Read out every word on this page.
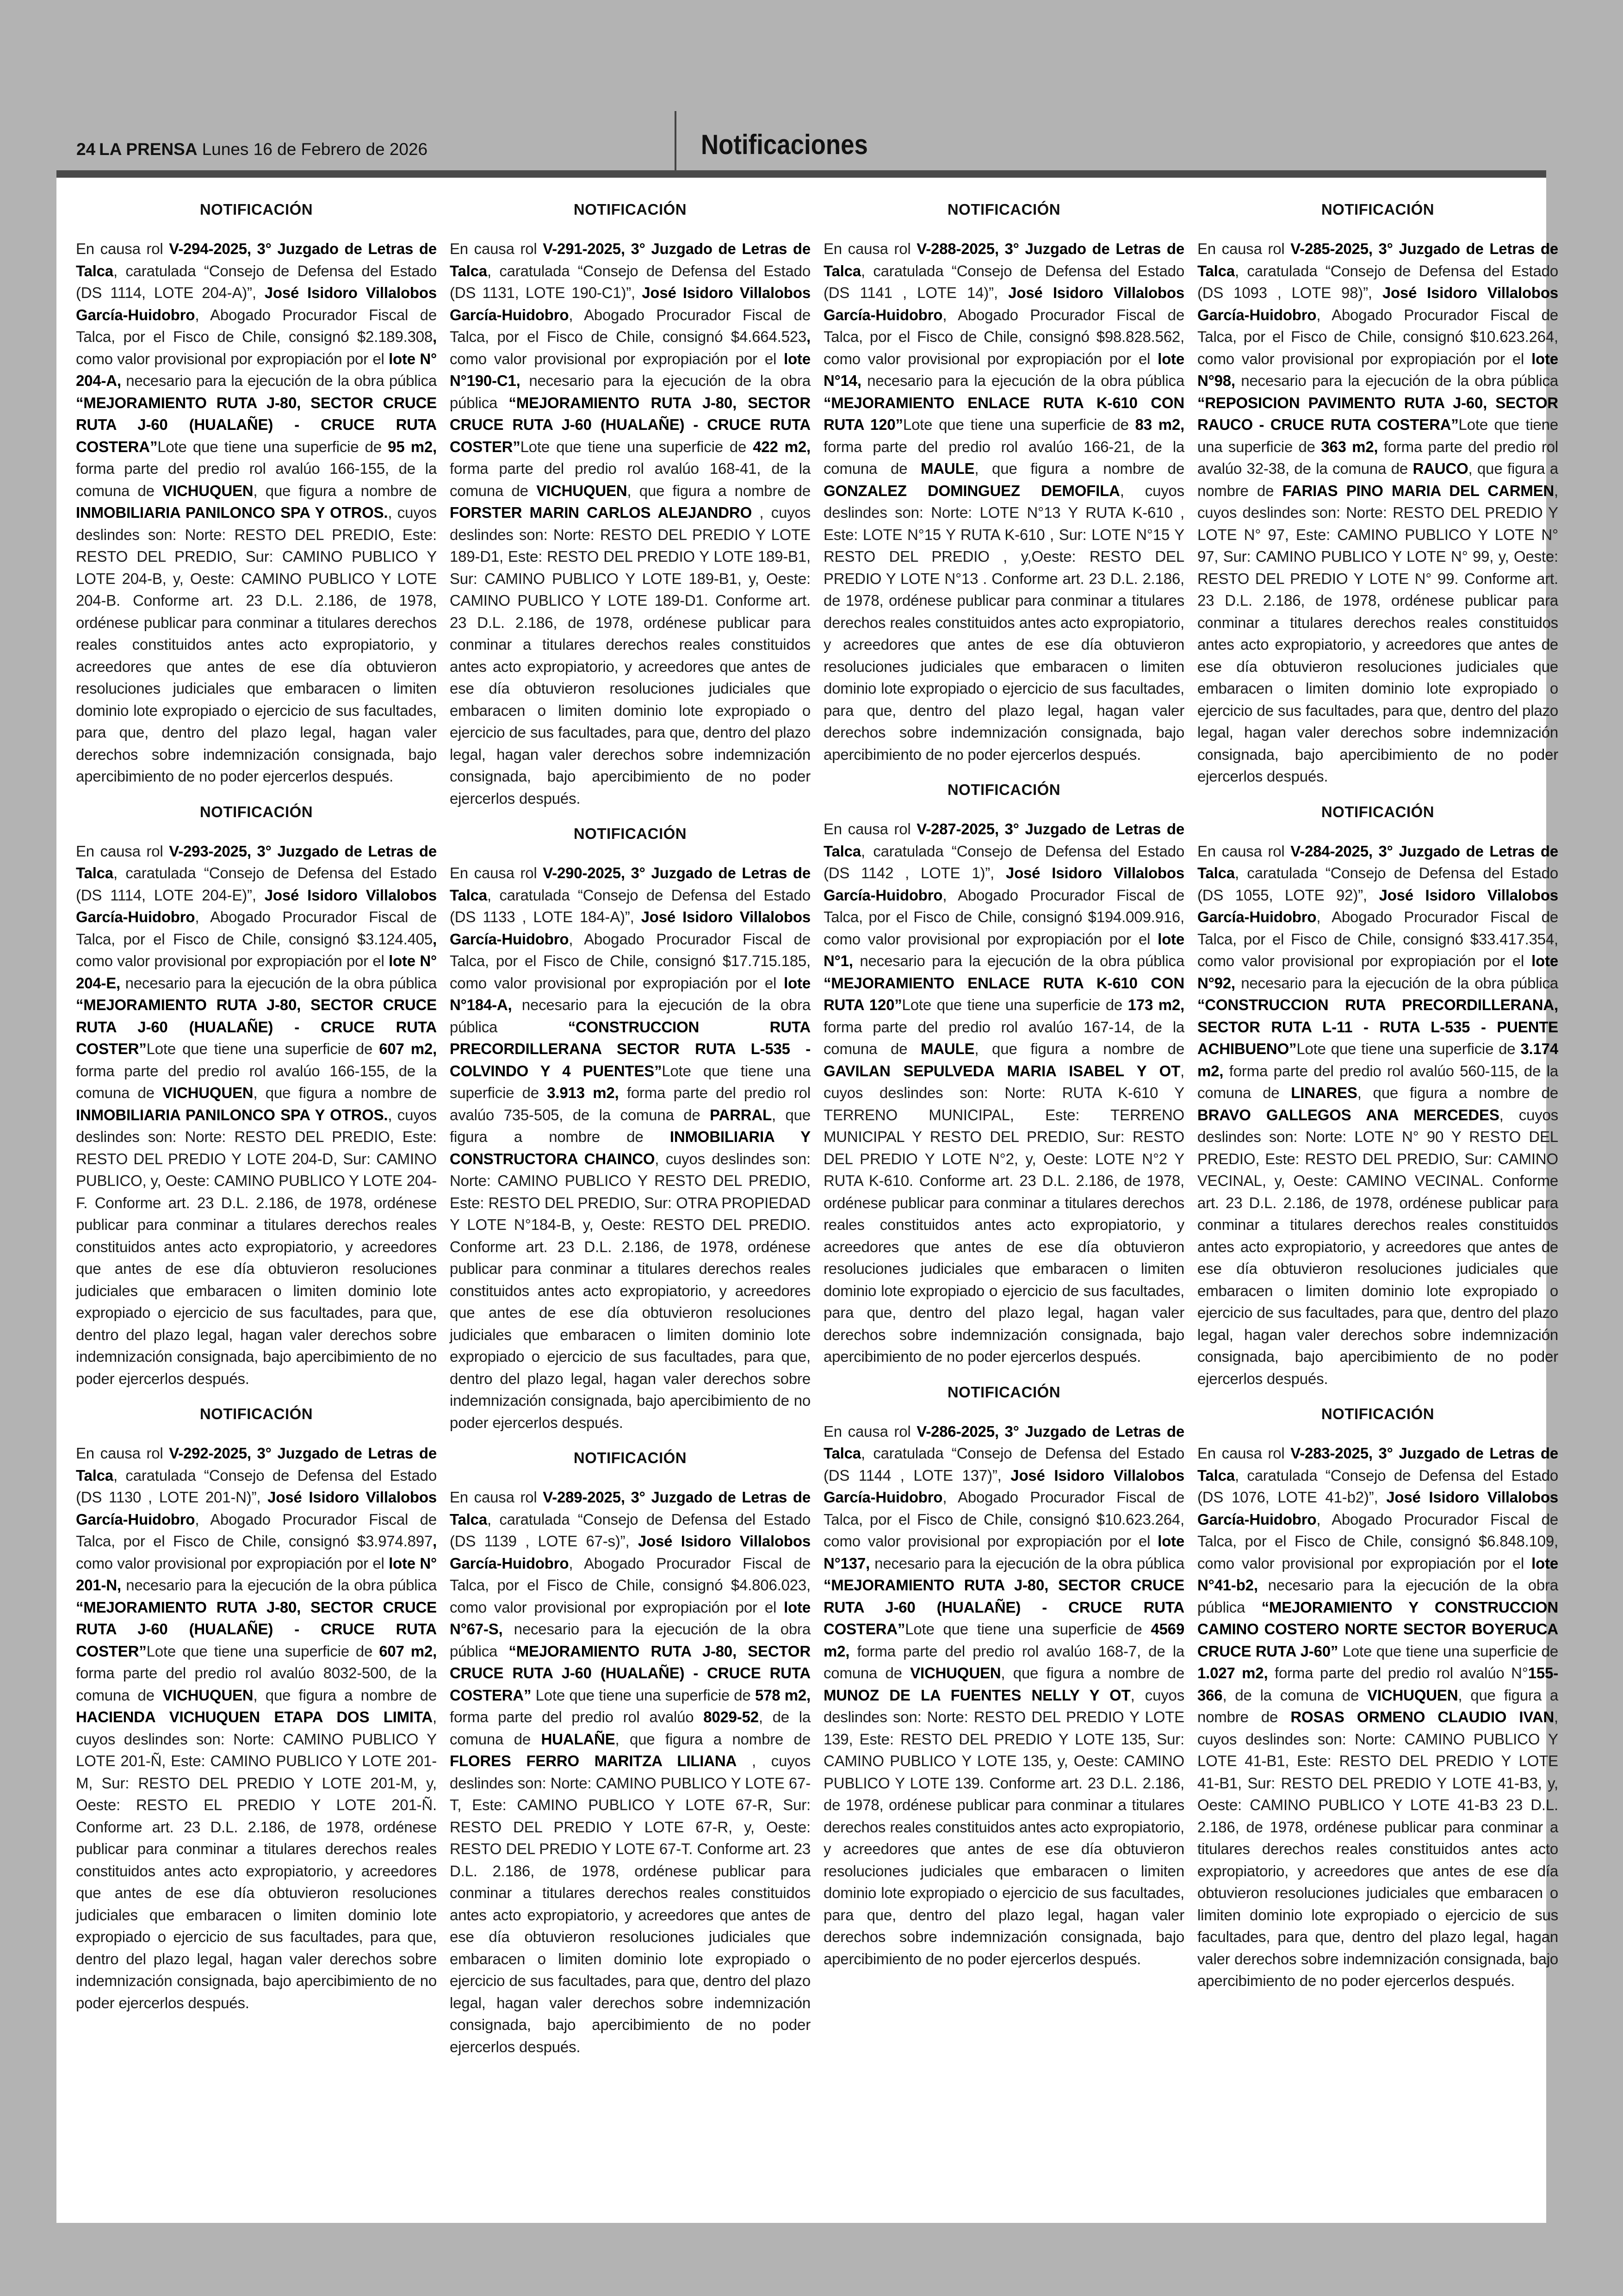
24 LA PRENSA Lunes 16 de Febrero de 2026	Notificaciones
NOTIFICACIÓN

En causa rol V-294-2025, 3° Juzgado de Letras de Talca, caratulada “Consejo de Defensa del Estado (DS 1114, LOTE 204-A)”, José Isidoro Villalobos García-Huidobro, Abogado Procurador Fiscal de Talca, por el Fisco de Chile, consignó $2.189.308, como valor provisional por expropiación por el lote N° 204-A, necesario para la ejecución de la obra pública “MEJORAMIENTO RUTA J-80, SECTOR CRUCE RUTA J-60 (HUALAÑE) - CRUCE RUTA COSTERA”Lote que tiene una superficie de 95 m2, forma parte del predio rol avalúo 166-155, de la comuna de VICHUQUEN, que figura a nombre de INMOBILIARIA PANILONCO SPA Y OTROS., cuyos deslindes son: Norte: RESTO DEL PREDIO, Este: RESTO DEL PREDIO, Sur: CAMINO PUBLICO Y LOTE 204-B, y, Oeste: CAMINO PUBLICO Y LOTE 204-B. Conforme art. 23 D.L. 2.186, de 1978, ordénese publicar para conminar a titulares derechos reales constituidos antes acto expropiatorio, y acreedores que antes de ese día obtuvieron resoluciones judiciales que embaracen o limiten dominio lote expropiado o ejercicio de sus facultades, para que, dentro del plazo legal, hagan valer derechos sobre indemnización consignada, bajo apercibimiento de no poder ejercerlos después.

NOTIFICACIÓN

En causa rol V-293-2025, 3° Juzgado de Letras de Talca, caratulada “Consejo de Defensa del Estado (DS 1114, LOTE 204-E)”, José Isidoro Villalobos García-Huidobro, Abogado Procurador Fiscal de Talca, por el Fisco de Chile, consignó $3.124.405, como valor provisional por expropiación por el lote N° 204-E, necesario para la ejecución de la obra pública “MEJORAMIENTO RUTA J-80, SECTOR CRUCE RUTA J-60 (HUALAÑE) - CRUCE RUTA COSTER”Lote que tiene una superficie de 607 m2, forma parte del predio rol avalúo 166-155, de la comuna de VICHUQUEN, que figura a nombre de INMOBILIARIA PANILONCO SPA Y OTROS., cuyos deslindes son: Norte: RESTO DEL PREDIO, Este: RESTO DEL PREDIO Y LOTE 204-D, Sur: CAMINO PUBLICO, y, Oeste: CAMINO PUBLICO Y LOTE 204-F. Conforme art. 23 D.L. 2.186, de 1978, ordénese publicar para conminar a titulares derechos reales constituidos antes acto expropiatorio, y acreedores que antes de ese día obtuvieron resoluciones judiciales que embaracen o limiten dominio lote expropiado o ejercicio de sus facultades, para que, dentro del plazo legal, hagan valer derechos sobre indemnización consignada, bajo apercibimiento de no poder ejercerlos después.

NOTIFICACIÓN

En causa rol V-292-2025, 3° Juzgado de Letras de Talca, caratulada “Consejo de Defensa del Estado (DS 1130 , LOTE 201-N)”, José Isidoro Villalobos García-Huidobro, Abogado Procurador Fiscal de Talca, por el Fisco de Chile, consignó $3.974.897, como valor provisional por expropiación por el lote N° 201-N, necesario para la ejecución de la obra pública “MEJORAMIENTO RUTA J-80, SECTOR CRUCE RUTA J-60 (HUALAÑE) - CRUCE RUTA COSTER”Lote que tiene una superficie de 607 m2, forma parte del predio rol avalúo 8032-500, de la comuna de VICHUQUEN, que figura a nombre de HACIENDA VICHUQUEN ETAPA DOS LIMITA, cuyos deslindes son: Norte: CAMINO PUBLICO Y LOTE 201-Ñ, Este: CAMINO PUBLICO Y LOTE 201-M, Sur: RESTO DEL PREDIO Y LOTE 201-M, y, Oeste: RESTO EL PREDIO Y LOTE 201-Ñ. Conforme art. 23 D.L. 2.186, de 1978, ordénese publicar para conminar a titulares derechos reales constituidos antes acto expropiatorio, y acreedores que antes de ese día obtuvieron resoluciones judiciales que embaracen o limiten dominio lote expropiado o ejercicio de sus facultades, para que, dentro del plazo legal, hagan valer derechos sobre indemnización consignada, bajo apercibimiento de no poder ejercerlos después.

NOTIFICACIÓN

En causa rol V-291-2025, 3° Juzgado de Letras de Talca, caratulada “Consejo de Defensa del Estado (DS 1131, LOTE 190-C1)”, José Isidoro Villalobos García-Huidobro, Abogado Procurador Fiscal de Talca, por el Fisco de Chile, consignó $4.664.523, como valor provisional por expropiación por el lote N°190-C1, necesario para la ejecución de la obra pública “MEJORAMIENTO RUTA J-80, SECTOR CRUCE RUTA J-60 (HUALAÑE) - CRUCE RUTA COSTER”Lote que tiene una superficie de 422 m2, forma parte del predio rol avalúo 168-41, de la comuna de VICHUQUEN, que figura a nombre de FORSTER MARIN CARLOS ALEJANDRO , cuyos deslindes son: Norte: RESTO DEL PREDIO Y LOTE 189-D1, Este: RESTO DEL PREDIO Y LOTE 189-B1, Sur: CAMINO PUBLICO Y LOTE 189-B1, y, Oeste: CAMINO PUBLICO Y LOTE 189-D1. Conforme art. 23 D.L. 2.186, de 1978, ordénese publicar para conminar a titulares derechos reales constituidos antes acto expropiatorio, y acreedores que antes de ese día obtuvieron resoluciones judiciales que embaracen o limiten dominio lote expropiado o ejercicio de sus facultades, para que, dentro del plazo legal, hagan valer derechos sobre indemnización consignada, bajo apercibimiento de no poder ejercerlos después.

NOTIFICACIÓN

En causa rol V-290-2025, 3° Juzgado de Letras de Talca, caratulada “Consejo de Defensa del Estado (DS 1133 , LOTE 184-A)”, José Isidoro Villalobos García-Huidobro, Abogado Procurador Fiscal de Talca, por el Fisco de Chile, consignó $17.715.185, como valor provisional por expropiación por el lote N°184-A, necesario para la ejecución de la obra pública “CONSTRUCCION RUTA PRECORDILLERANA SECTOR RUTA L-535 - COLVINDO Y 4 PUENTES”Lote que tiene una superficie de 3.913 m2, forma parte del predio rol avalúo 735-505, de la comuna de PARRAL, que figura a nombre de INMOBILIARIA Y CONSTRUCTORA CHAINCO, cuyos deslindes son: Norte: CAMINO PUBLICO Y RESTO DEL PREDIO, Este: RESTO DEL PREDIO, Sur: OTRA PROPIEDAD Y LOTE N°184-B, y, Oeste: RESTO DEL PREDIO. Conforme art. 23 D.L. 2.186, de 1978, ordénese publicar para conminar a titulares derechos reales constituidos antes acto expropiatorio, y acreedores que antes de ese día obtuvieron resoluciones judiciales que embaracen o limiten dominio lote expropiado o ejercicio de sus facultades, para que, dentro del plazo legal, hagan valer derechos sobre indemnización consignada, bajo apercibimiento de no poder ejercerlos después.

NOTIFICACIÓN

En causa rol V-289-2025, 3° Juzgado de Letras de Talca, caratulada “Consejo de Defensa del Estado (DS 1139 , LOTE 67-s)”, José Isidoro Villalobos García-Huidobro, Abogado Procurador Fiscal de Talca, por el Fisco de Chile, consignó $4.806.023, como valor provisional por expropiación por el lote N°67-S, necesario para la ejecución de la obra pública “MEJORAMIENTO RUTA J-80, SECTOR CRUCE RUTA J-60 (HUALAÑE) - CRUCE RUTA COSTERA” Lote que tiene una superficie de 578 m2, forma parte del predio rol avalúo 8029-52, de la comuna de HUALAÑE, que figura a nombre de FLORES FERRO MARITZA LILIANA , cuyos deslindes son: Norte: CAMINO PUBLICO Y LOTE 67-T, Este: CAMINO PUBLICO Y LOTE 67-R, Sur: RESTO DEL PREDIO Y LOTE 67-R, y, Oeste: RESTO DEL PREDIO Y LOTE 67-T. Conforme art. 23 D.L. 2.186, de 1978, ordénese publicar para conminar a titulares derechos reales constituidos antes acto expropiatorio, y acreedores que antes de ese día obtuvieron resoluciones judiciales que embaracen o limiten dominio lote expropiado o ejercicio de sus facultades, para que, dentro del plazo legal, hagan valer derechos sobre indemnización consignada, bajo apercibimiento de no poder ejercerlos después.

NOTIFICACIÓN

En causa rol V-288-2025, 3° Juzgado de Letras de Talca, caratulada “Consejo de Defensa del Estado (DS 1141 , LOTE 14)”, José Isidoro Villalobos García-Huidobro, Abogado Procurador Fiscal de Talca, por el Fisco de Chile, consignó $98.828.562, como valor provisional por expropiación por el lote N°14, necesario para la ejecución de la obra pública “MEJORAMIENTO ENLACE RUTA K-610 CON RUTA 120”Lote que tiene una superficie de 83 m2, forma parte del predio rol avalúo 166-21, de la comuna de MAULE, que figura a nombre de GONZALEZ DOMINGUEZ DEMOFILA, cuyos deslindes son: Norte: LOTE N°13 Y RUTA K-610 , Este: LOTE N°15 Y RUTA K-610 , Sur: LOTE N°15 Y RESTO DEL PREDIO , y,Oeste: RESTO DEL PREDIO Y LOTE N°13 . Conforme art. 23 D.L. 2.186, de 1978, ordénese publicar para conminar a titulares derechos reales constituidos antes acto expropiatorio, y acreedores que antes de ese día obtuvieron resoluciones judiciales que embaracen o limiten dominio lote expropiado o ejercicio de sus facultades, para que, dentro del plazo legal, hagan valer derechos sobre indemnización consignada, bajo apercibimiento de no poder ejercerlos después.

NOTIFICACIÓN

En causa rol V-287-2025, 3° Juzgado de Letras de Talca, caratulada “Consejo de Defensa del Estado (DS 1142 , LOTE 1)”, José Isidoro Villalobos García-Huidobro, Abogado Procurador Fiscal de Talca, por el Fisco de Chile, consignó $194.009.916, como valor provisional por expropiación por el lote N°1, necesario para la ejecución de la obra pública “MEJORAMIENTO ENLACE RUTA K-610 CON RUTA 120”Lote que tiene una superficie de 173 m2, forma parte del predio rol avalúo 167-14, de la comuna de MAULE, que figura a nombre de GAVILAN SEPULVEDA MARIA ISABEL Y OT, cuyos deslindes son: Norte: RUTA K-610 Y TERRENO MUNICIPAL, Este: TERRENO MUNICIPAL Y RESTO DEL PREDIO, Sur: RESTO DEL PREDIO Y LOTE N°2, y, Oeste: LOTE N°2 Y RUTA K-610. Conforme art. 23 D.L. 2.186, de 1978, ordénese publicar para conminar a titulares derechos reales constituidos antes acto expropiatorio, y acreedores que antes de ese día obtuvieron resoluciones judiciales que embaracen o limiten dominio lote expropiado o ejercicio de sus facultades, para que, dentro del plazo legal, hagan valer derechos sobre indemnización consignada, bajo apercibimiento de no poder ejercerlos después.

NOTIFICACIÓN

En causa rol V-286-2025, 3° Juzgado de Letras de Talca, caratulada “Consejo de Defensa del Estado (DS 1144 , LOTE 137)”, José Isidoro Villalobos García-Huidobro, Abogado Procurador Fiscal de Talca, por el Fisco de Chile, consignó $10.623.264, como valor provisional por expropiación por el lote N°137, necesario para la ejecución de la obra pública “MEJORAMIENTO RUTA J-80, SECTOR CRUCE RUTA J-60 (HUALAÑE) - CRUCE RUTA COSTERA”Lote que tiene una superficie de 4569 m2, forma parte del predio rol avalúo 168-7, de la comuna de VICHUQUEN, que figura a nombre de MUNOZ DE LA FUENTES NELLY Y OT, cuyos deslindes son: Norte: RESTO DEL PREDIO Y LOTE 139, Este: RESTO DEL PREDIO Y LOTE 135, Sur: CAMINO PUBLICO Y LOTE 135, y, Oeste: CAMINO PUBLICO Y LOTE 139. Conforme art. 23 D.L. 2.186, de 1978, ordénese publicar para conminar a titulares derechos reales constituidos antes acto expropiatorio, y acreedores que antes de ese día obtuvieron resoluciones judiciales que embaracen o limiten dominio lote expropiado o ejercicio de sus facultades, para que, dentro del plazo legal, hagan valer derechos sobre indemnización consignada, bajo apercibimiento de no poder ejercerlos después.

NOTIFICACIÓN

En causa rol V-285-2025, 3° Juzgado de Letras de Talca, caratulada “Consejo de Defensa del Estado (DS 1093 , LOTE 98)”, José Isidoro Villalobos García-Huidobro, Abogado Procurador Fiscal de Talca, por el Fisco de Chile, consignó $10.623.264, como valor provisional por expropiación por el lote N°98, necesario para la ejecución de la obra pública “REPOSICION PAVIMENTO RUTA J-60, SECTOR RAUCO - CRUCE RUTA COSTERA”Lote que tiene una superficie de 363 m2, forma parte del predio rol avalúo 32-38, de la comuna de RAUCO, que figura a nombre de FARIAS PINO MARIA DEL CARMEN, cuyos deslindes son: Norte: RESTO DEL PREDIO Y LOTE N° 97, Este: CAMINO PUBLICO Y LOTE N° 97, Sur: CAMINO PUBLICO Y LOTE N° 99, y, Oeste: RESTO DEL PREDIO Y LOTE N° 99. Conforme art. 23 D.L. 2.186, de 1978, ordénese publicar para conminar a titulares derechos reales constituidos antes acto expropiatorio, y acreedores que antes de ese día obtuvieron resoluciones judiciales que embaracen o limiten dominio lote expropiado o ejercicio de sus facultades, para que, dentro del plazo legal, hagan valer derechos sobre indemnización consignada, bajo apercibimiento de no poder ejercerlos después.

NOTIFICACIÓN

En causa rol V-284-2025, 3° Juzgado de Letras de Talca, caratulada “Consejo de Defensa del Estado (DS 1055, LOTE 92)”, José Isidoro Villalobos García-Huidobro, Abogado Procurador Fiscal de Talca, por el Fisco de Chile, consignó $33.417.354, como valor provisional por expropiación por el lote N°92, necesario para la ejecución de la obra pública “CONSTRUCCION RUTA PRECORDILLERANA, SECTOR RUTA L-11 - RUTA L-535 - PUENTE ACHIBUENO”Lote que tiene una superficie de 3.174 m2, forma parte del predio rol avalúo 560-115, de la comuna de LINARES, que figura a nombre de BRAVO GALLEGOS ANA MERCEDES, cuyos deslindes son: Norte: LOTE N° 90 Y RESTO DEL PREDIO, Este: RESTO DEL PREDIO, Sur: CAMINO VECINAL, y, Oeste: CAMINO VECINAL. Conforme art. 23 D.L. 2.186, de 1978, ordénese publicar para conminar a titulares derechos reales constituidos antes acto expropiatorio, y acreedores que antes de ese día obtuvieron resoluciones judiciales que embaracen o limiten dominio lote expropiado o ejercicio de sus facultades, para que, dentro del plazo legal, hagan valer derechos sobre indemnización consignada, bajo apercibimiento de no poder ejercerlos después.

NOTIFICACIÓN

En causa rol V-283-2025, 3° Juzgado de Letras de Talca, caratulada “Consejo de Defensa del Estado (DS 1076, LOTE 41-b2)”, José Isidoro Villalobos García-Huidobro, Abogado Procurador Fiscal de Talca, por el Fisco de Chile, consignó $6.848.109, como valor provisional por expropiación por el lote N°41-b2, necesario para la ejecución de la obra pública “MEJORAMIENTO Y CONSTRUCCION CAMINO COSTERO NORTE SECTOR BOYERUCA CRUCE RUTA J-60” Lote que tiene una superficie de 1.027 m2, forma parte del predio rol avalúo N°155-366, de la comuna de VICHUQUEN, que figura a nombre de ROSAS ORMENO CLAUDIO IVAN, cuyos deslindes son: Norte: CAMINO PUBLICO Y LOTE 41-B1, Este: RESTO DEL PREDIO Y LOTE 41-B1, Sur: RESTO DEL PREDIO Y LOTE 41-B3, y, Oeste: CAMINO PUBLICO Y LOTE 41-B3 23 D.L. 2.186, de 1978, ordénese publicar para conminar a titulares derechos reales constituidos antes acto expropiatorio, y acreedores que antes de ese día obtuvieron resoluciones judiciales que embaracen o limiten dominio lote expropiado o ejercicio de sus facultades, para que, dentro del plazo legal, hagan valer derechos sobre indemnización consignada, bajo apercibimiento de no poder ejercerlos después.
